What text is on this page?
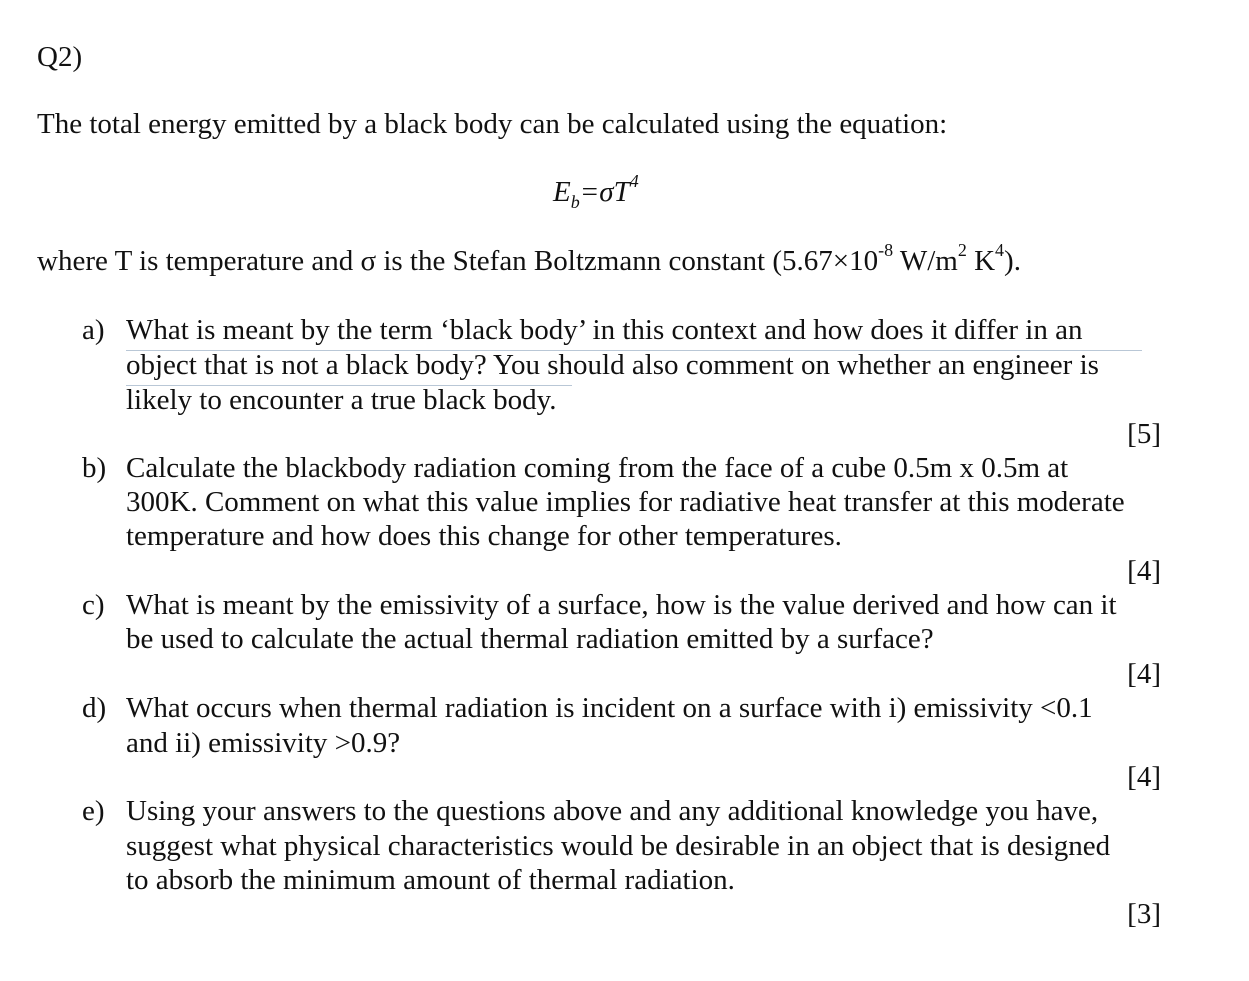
Q2)
The total energy emitted by a black body can be calculated using the equation:
$E_b=\sigma T^4$
where T is temperature and σ is the Stefan Boltzmann constant ($5.67\times 10^{-8}$ $W/m^2$ $K^4$).
a) What is meant by the term ‘black body’ in this context and how does it differ in an
object that is not a black body? You should also comment on whether an engineer is
likely to encounter a true black body.
[5]
b) Calculate the blackbody radiation coming from the face of a cube 0.5m x 0.5m at
300K. Comment on what this value implies for radiative heat transfer at this moderate
temperature and how does this change for other temperatures.
[4]
c) What is meant by the emissivity of a surface, how is the value derived and how can it
be used to calculate the actual thermal radiation emitted by a surface?
[4]
d) What occurs when thermal radiation is incident on a surface with i) emissivity <0.1
and ii) emissivity >0.9?
[4]
e) Using your answers to the questions above and any additional knowledge you have,
suggest what physical characteristics would be desirable in an object that is designed
to absorb the minimum amount of thermal radiation.
[3]
